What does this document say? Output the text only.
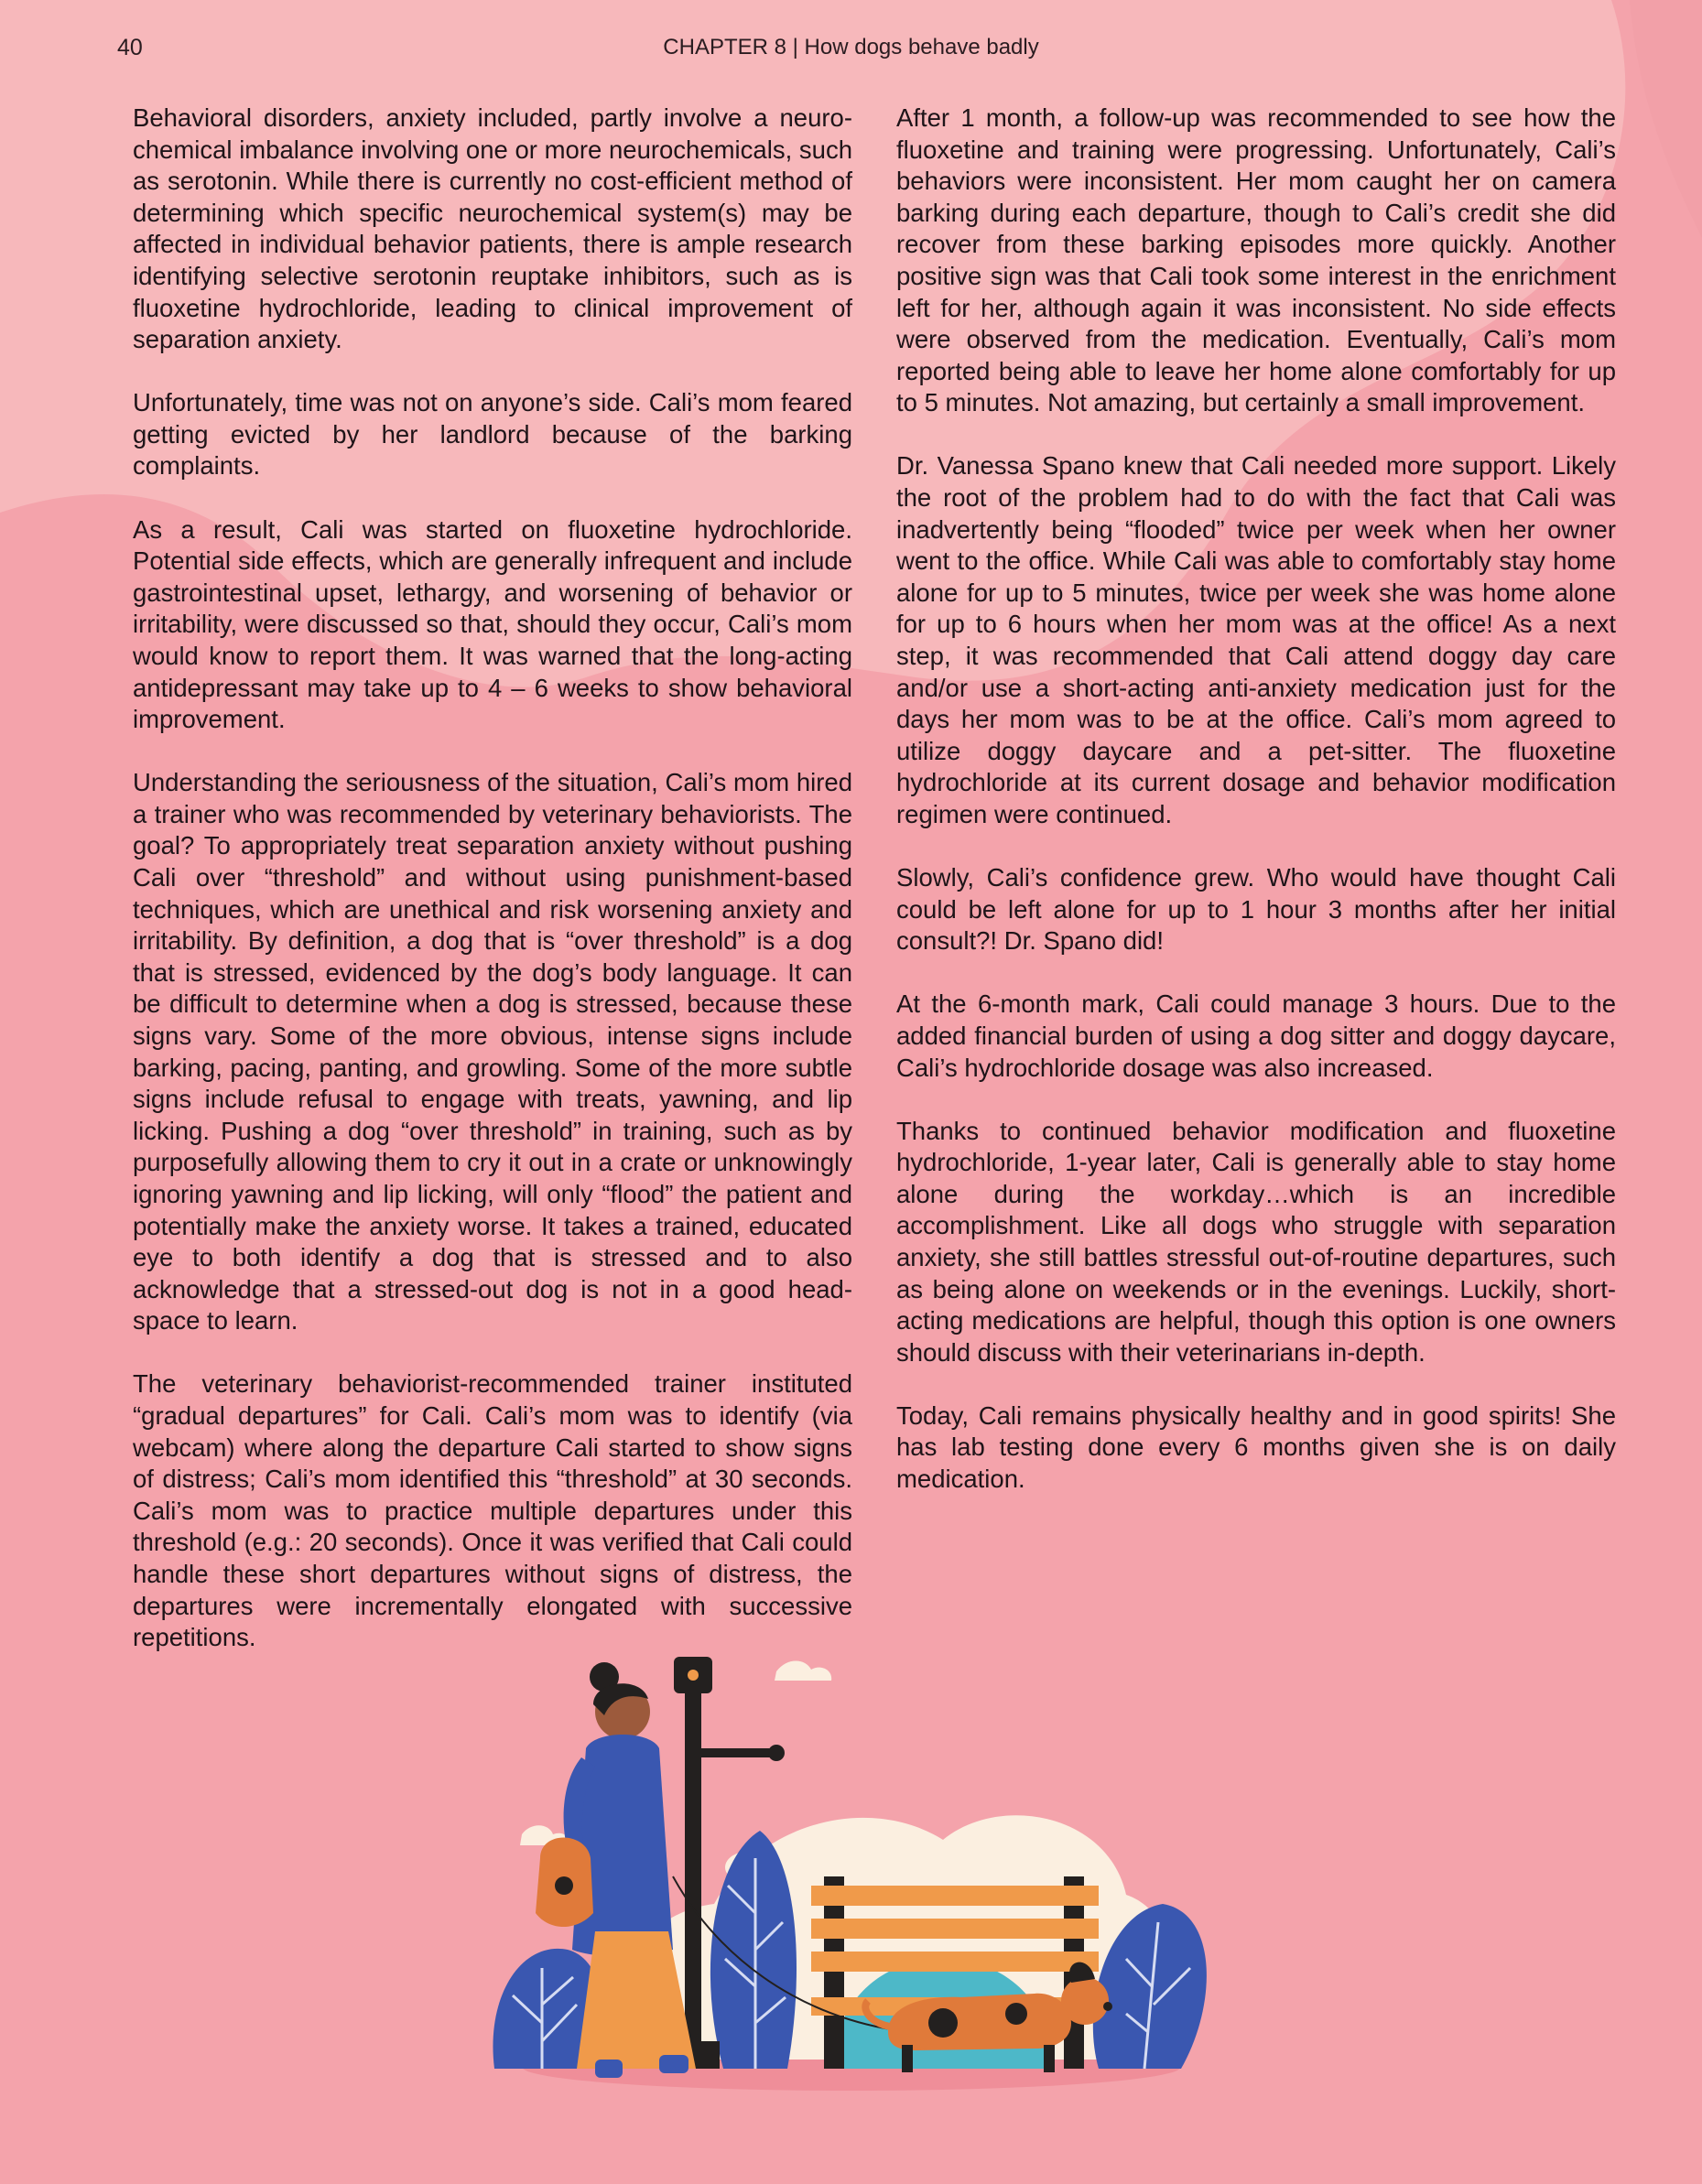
40	CHAPTER 8 | How dogs behave badly

Behavioral disorders, anxiety included, partly involve a neurochemical imbalance involving one or more neurochemicals, such as serotonin. While there is currently no cost-efficient method of determining which specific neurochemical system(s) may be affected in individual behavior patients, there is ample research identifying selective serotonin reuptake inhibitors, such as is fluoxetine hydrochloride, leading to clinical improvement of separation anxiety.

Unfortunately, time was not on anyone’s side. Cali’s mom feared getting evicted by her landlord because of the barking complaints.

As a result, Cali was started on fluoxetine hydrochloride. Potential side effects, which are generally infrequent and include gastrointestinal upset, lethargy, and worsening of behavior or irritability, were discussed so that, should they occur, Cali’s mom would know to report them. It was warned that the long-acting antidepressant may take up to 4 – 6 weeks to show behavioral improvement.

Understanding the seriousness of the situation, Cali’s mom hired a trainer who was recommended by veterinary behaviorists. The goal? To appropriately treat separation anxiety without pushing Cali over “threshold” and without using punishment-based techniques, which are unethical and risk worsening anxiety and irritability. By definition, a dog that is “over threshold” is a dog that is stressed, evidenced by the dog’s body language. It can be difficult to determine when a dog is stressed, because these signs vary. Some of the more obvious, intense signs include barking, pacing, panting, and growling. Some of the more subtle signs include refusal to engage with treats, yawning, and lip licking. Pushing a dog “over threshold” in training, such as by purposefully allowing them to cry it out in a crate or unknowingly ignoring yawning and lip licking, will only “flood” the patient and potentially make the anxiety worse. It takes a trained, educated eye to both identify a dog that is stressed and to also acknowledge that a stressed-out dog is not in a good head-space to learn.

The veterinary behaviorist-recommended trainer instituted “gradual departures” for Cali. Cali’s mom was to identify (via webcam) where along the departure Cali started to show signs of distress; Cali’s mom identified this “threshold” at 30 seconds. Cali’s mom was to practice multiple departures under this threshold (e.g.: 20 seconds). Once it was verified that Cali could handle these short departures without signs of distress, the departures were incrementally elongated with successive repetitions.

After 1 month, a follow-up was recommended to see how the fluoxetine and training were progressing. Unfortunately, Cali’s behaviors were inconsistent. Her mom caught her on camera barking during each departure, though to Cali’s credit she did recover from these barking episodes more quickly. Another positive sign was that Cali took some interest in the enrichment left for her, although again it was inconsistent. No side effects were observed from the medication. Eventually, Cali’s mom reported being able to leave her home alone comfortably for up to 5 minutes. Not amazing, but certainly a small improvement.

Dr. Vanessa Spano knew that Cali needed more support. Likely the root of the problem had to do with the fact that Cali was inadvertently being “flooded” twice per week when her owner went to the office. While Cali was able to comfortably stay home alone for up to 5 minutes, twice per week she was home alone for up to 6 hours when her mom was at the office! As a next step, it was recommended that Cali attend doggy day care and/or use a short-acting anti-anxiety medication just for the days her mom was to be at the office. Cali’s mom agreed to utilize doggy daycare and a pet-sitter. The fluoxetine hydrochloride at its current dosage and behavior modification regimen were continued.

Slowly, Cali’s confidence grew. Who would have thought Cali could be left alone for up to 1 hour 3 months after her initial consult?! Dr. Spano did!

At the 6-month mark, Cali could manage 3 hours. Due to the added financial burden of using a dog sitter and doggy daycare, Cali’s hydrochloride dosage was also increased.

Thanks to continued behavior modification and fluoxetine hydrochloride, 1-year later, Cali is generally able to stay home alone during the workday…which is an incredible accomplishment. Like all dogs who struggle with separation anxiety, she still battles stressful out-of-routine departures, such as being alone on weekends or in the evenings. Luckily, short-acting medications are helpful, though this option is one owners should discuss with their veterinarians in-depth.

Today, Cali remains physically healthy and in good spirits! She has lab testing done every 6 months given she is on daily medication.
